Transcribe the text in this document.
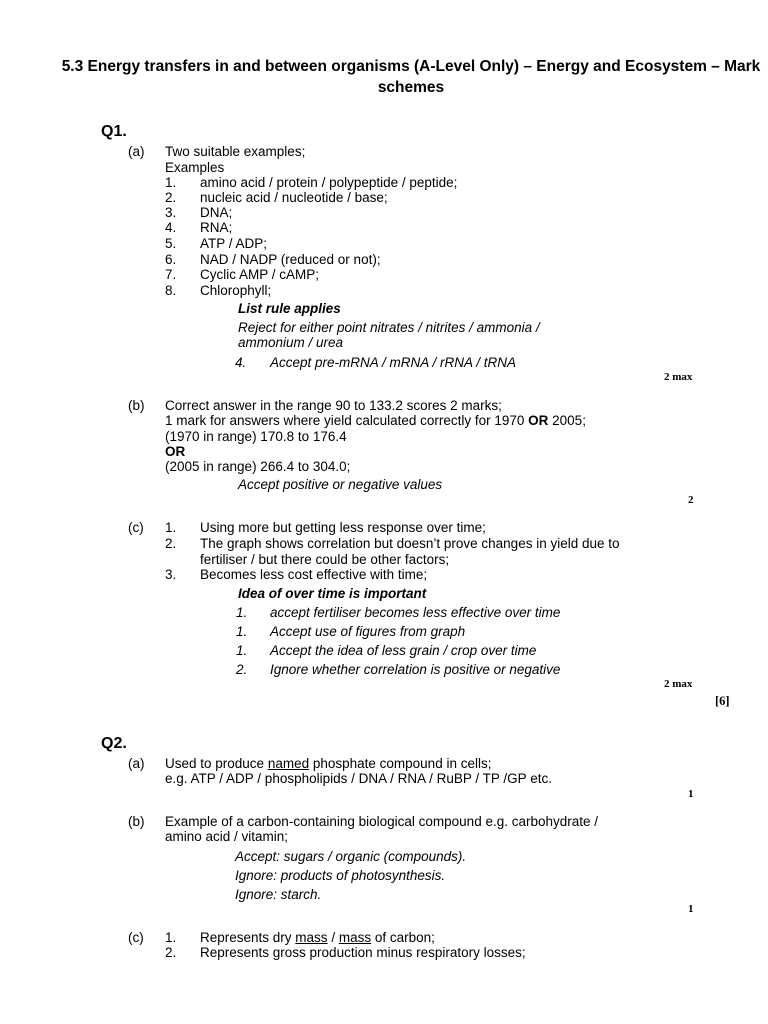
5.3 Energy transfers in and between organisms (A-Level Only) – Energy and Ecosystem – Mark schemes
Q1.
(a) Two suitable examples;
Examples
1. amino acid / protein / polypeptide / peptide;
2. nucleic acid / nucleotide / base;
3. DNA;
4. RNA;
5. ATP / ADP;
6. NAD / NADP (reduced or not);
7. Cyclic AMP / cAMP;
8. Chlorophyll;
List rule applies
Reject for either point nitrates / nitrites / ammonia /
ammonium / urea
4. Accept pre-mRNA / mRNA / rRNA / tRNA
2 max
(b) Correct answer in the range 90 to 133.2 scores 2 marks;
1 mark for answers where yield calculated correctly for 1970 OR 2005;
(1970 in range) 170.8 to 176.4
OR
(2005 in range) 266.4 to 304.0;
Accept positive or negative values
2
(c) 1. Using more but getting less response over time;
2. The graph shows correlation but doesn’t prove changes in yield due to
fertiliser / but there could be other factors;
3. Becomes less cost effective with time;
Idea of over time is important
1. accept fertiliser becomes less effective over time
1. Accept use of figures from graph
1. Accept the idea of less grain / crop over time
2. Ignore whether correlation is positive or negative
2 max
[6]
Q2.
(a) Used to produce named phosphate compound in cells;
e.g. ATP / ADP / phospholipids / DNA / RNA / RuBP / TP /GP etc.
1
(b) Example of a carbon-containing biological compound e.g. carbohydrate /
amino acid / vitamin;
Accept: sugars / organic (compounds).
Ignore: products of photosynthesis.
Ignore: starch.
1
(c) 1. Represents dry mass / mass of carbon;
2. Represents gross production minus respiratory losses;
